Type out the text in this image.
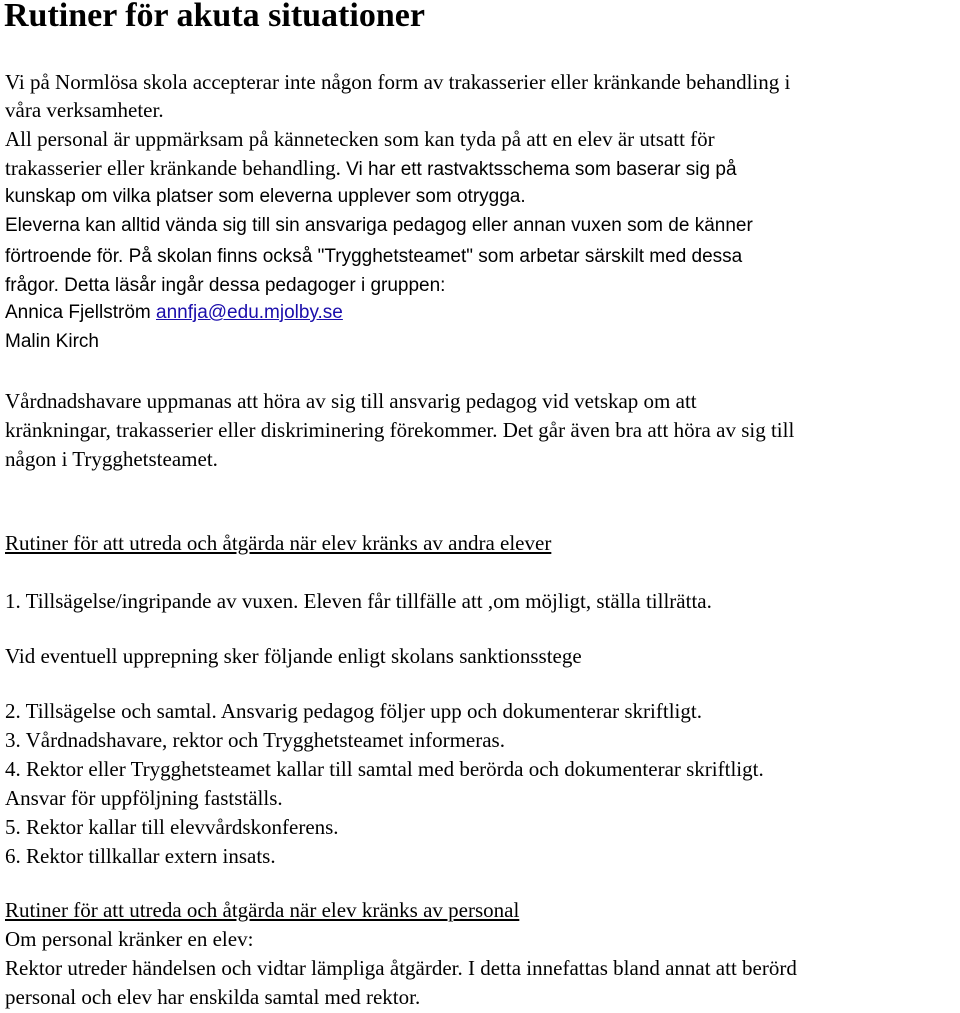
Rutiner för akuta situationer
Vi på Normlösa skola accepterar inte någon form av trakasserier eller kränkande behandling i
våra verksamheter.
All personal är uppmärksam på kännetecken som kan tyda på att en elev är utsatt för
trakasserier eller kränkande behandling. Vi har ett rastvaktsschema som baserar sig på
kunskap om vilka platser som eleverna upplever som otrygga.
Eleverna kan alltid vända sig till sin ansvariga pedagog eller annan vuxen som de känner
förtroende för. På skolan finns också "Trygghetsteamet" som arbetar särskilt med dessa
frågor. Detta läsår ingår dessa pedagoger i gruppen:
Annica Fjellström annfja@edu.mjolby.se
Malin Kirch
Vårdnadshavare uppmanas att höra av sig till ansvarig pedagog vid vetskap om att
kränkningar, trakasserier eller diskriminering förekommer. Det går även bra att höra av sig till
någon i Trygghetsteamet.
Rutiner för att utreda och åtgärda när elev kränks av andra elever
1. Tillsägelse/ingripande av vuxen. Eleven får tillfälle att ,om möjligt, ställa tillrätta.
Vid eventuell upprepning sker följande enligt skolans sanktionsstege
2. Tillsägelse och samtal. Ansvarig pedagog följer upp och dokumenterar skriftligt.
3. Vårdnadshavare, rektor och Trygghetsteamet informeras.
4. Rektor eller Trygghetsteamet kallar till samtal med berörda och dokumenterar skriftligt.
Ansvar för uppföljning fastställs.
5. Rektor kallar till elevvårdskonferens.
6. Rektor tillkallar extern insats.
Rutiner för att utreda och åtgärda när elev kränks av personal
Om personal kränker en elev:
Rektor utreder händelsen och vidtar lämpliga åtgärder. I detta innefattas bland annat att berörd
personal och elev har enskilda samtal med rektor.
